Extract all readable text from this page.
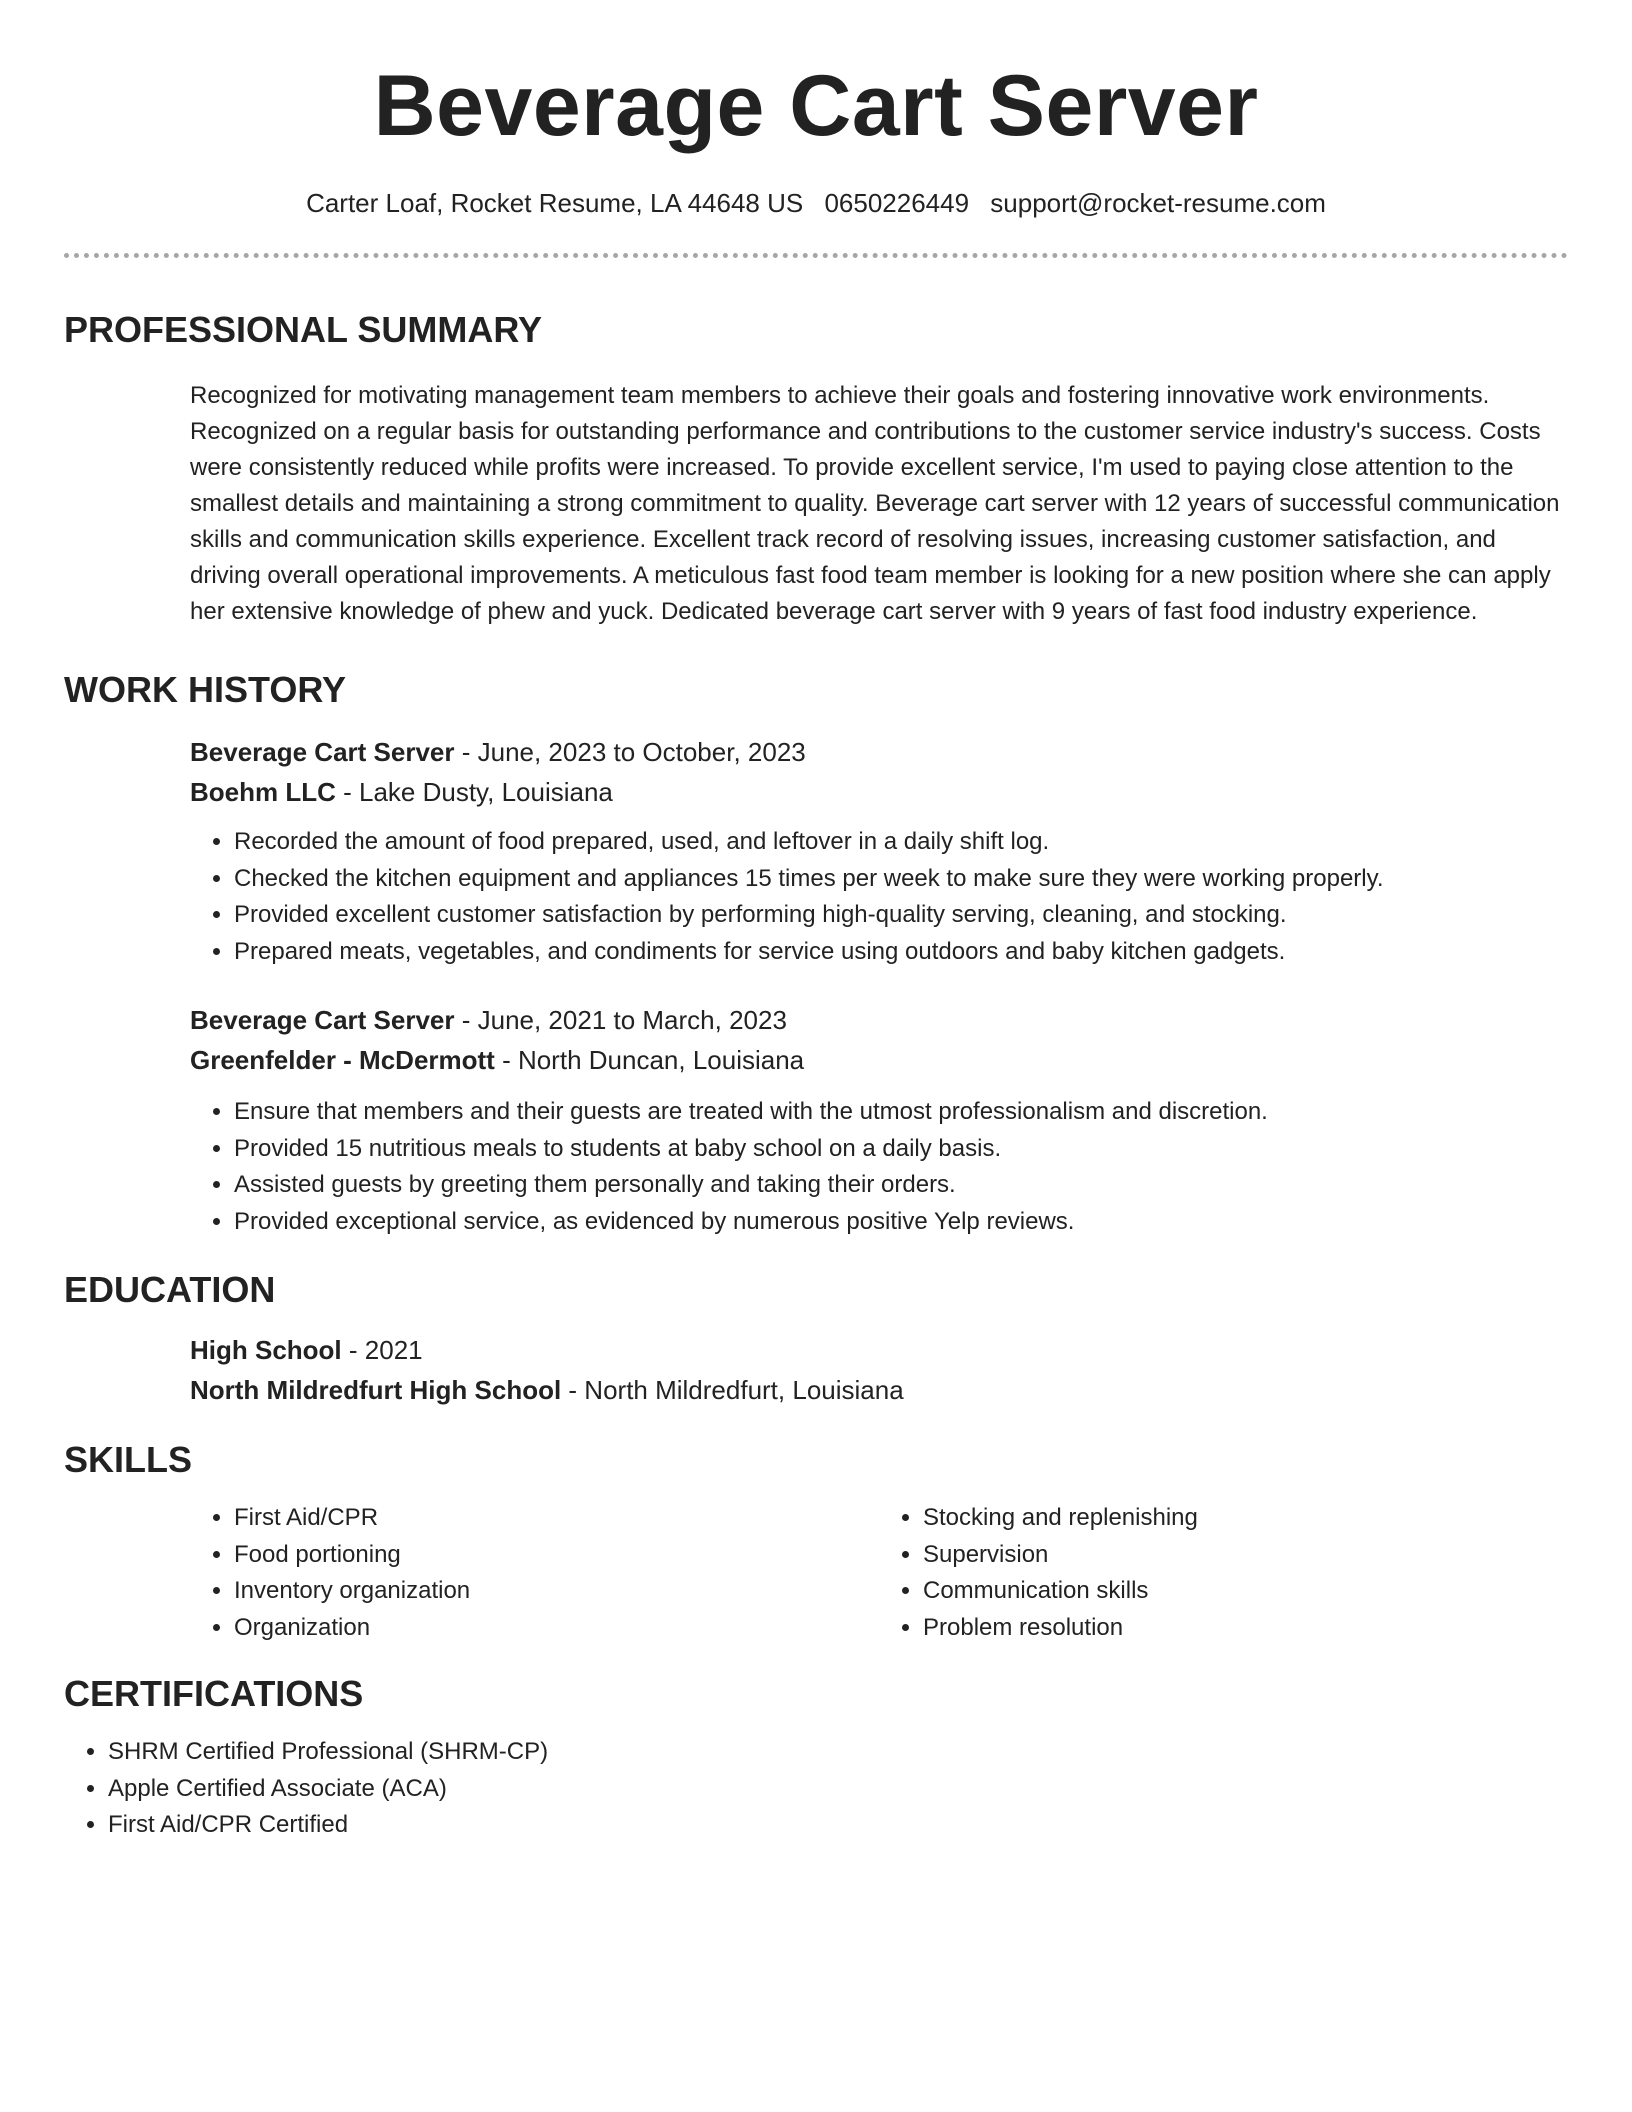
Beverage Cart Server
Carter Loaf, Rocket Resume, LA 44648 US 0650226449 support@rocket-resume.com
PROFESSIONAL SUMMARY

Recognized for motivating management team members to achieve their goals and fostering innovative work environments. Recognized on a regular basis for outstanding performance and contributions to the customer service industry's success. Costs were consistently reduced while profits were increased. To provide excellent service, I'm used to paying close attention to the smallest details and maintaining a strong commitment to quality. Beverage cart server with 12 years of successful communication skills and communication skills experience. Excellent track record of resolving issues, increasing customer satisfaction, and driving overall operational improvements. A meticulous fast food team member is looking for a new position where she can apply her extensive knowledge of phew and yuck. Dedicated beverage cart server with 9 years of fast food industry experience.

WORK HISTORY
Beverage Cart Server - June, 2023 to October, 2023
Boehm LLC - Lake Dusty, Louisiana
• Recorded the amount of food prepared, used, and leftover in a daily shift log.
• Checked the kitchen equipment and appliances 15 times per week to make sure they were working properly.
• Provided excellent customer satisfaction by performing high-quality serving, cleaning, and stocking.
• Prepared meats, vegetables, and condiments for service using outdoors and baby kitchen gadgets.
Beverage Cart Server - June, 2021 to March, 2023
Greenfelder - McDermott - North Duncan, Louisiana
• Ensure that members and their guests are treated with the utmost professionalism and discretion.
• Provided 15 nutritious meals to students at baby school on a daily basis.
• Assisted guests by greeting them personally and taking their orders.
• Provided exceptional service, as evidenced by numerous positive Yelp reviews.
EDUCATION
High School - 2021
North Mildredfurt High School - North Mildredfurt, Louisiana
SKILLS
• First Aid/CPR
• Food portioning
• Inventory organization
• Organization
• Stocking and replenishing
• Supervision
• Communication skills
• Problem resolution
CERTIFICATIONS
• SHRM Certified Professional (SHRM-CP)
• Apple Certified Associate (ACA)
• First Aid/CPR Certified
